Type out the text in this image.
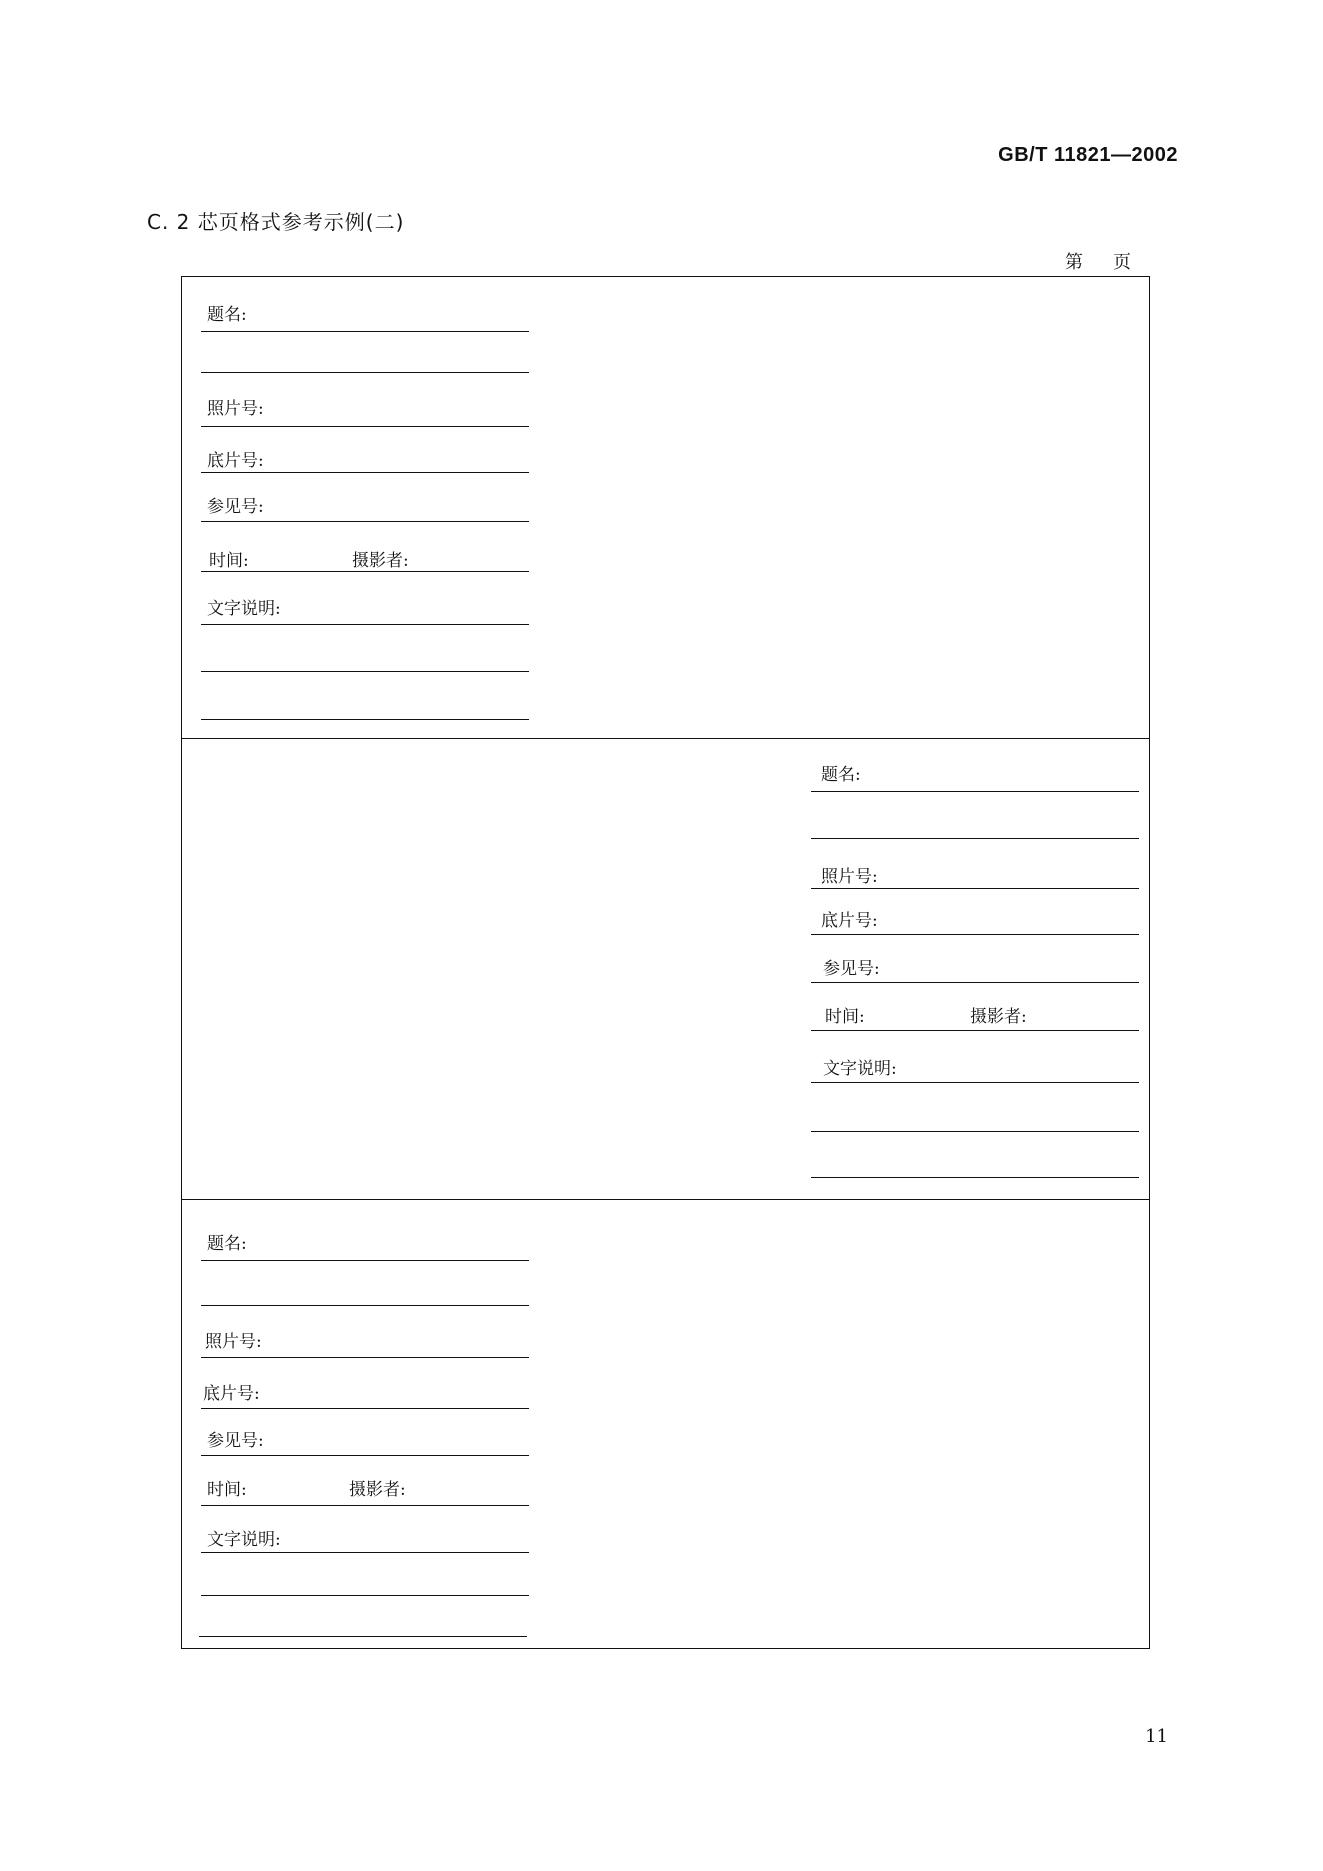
GB/T 11821—2002
C. 2 芯页格式参考示例(二)
第 页
题名:
照片号:
底片号:
参见号:
时间:	摄影者:
文字说明:
题名:
照片号:
底片号:
参见号:
时间:	摄影者:
文字说明:
题名:
照片号:
底片号:
参见号:
时间:	摄影者:
文字说明:
11
